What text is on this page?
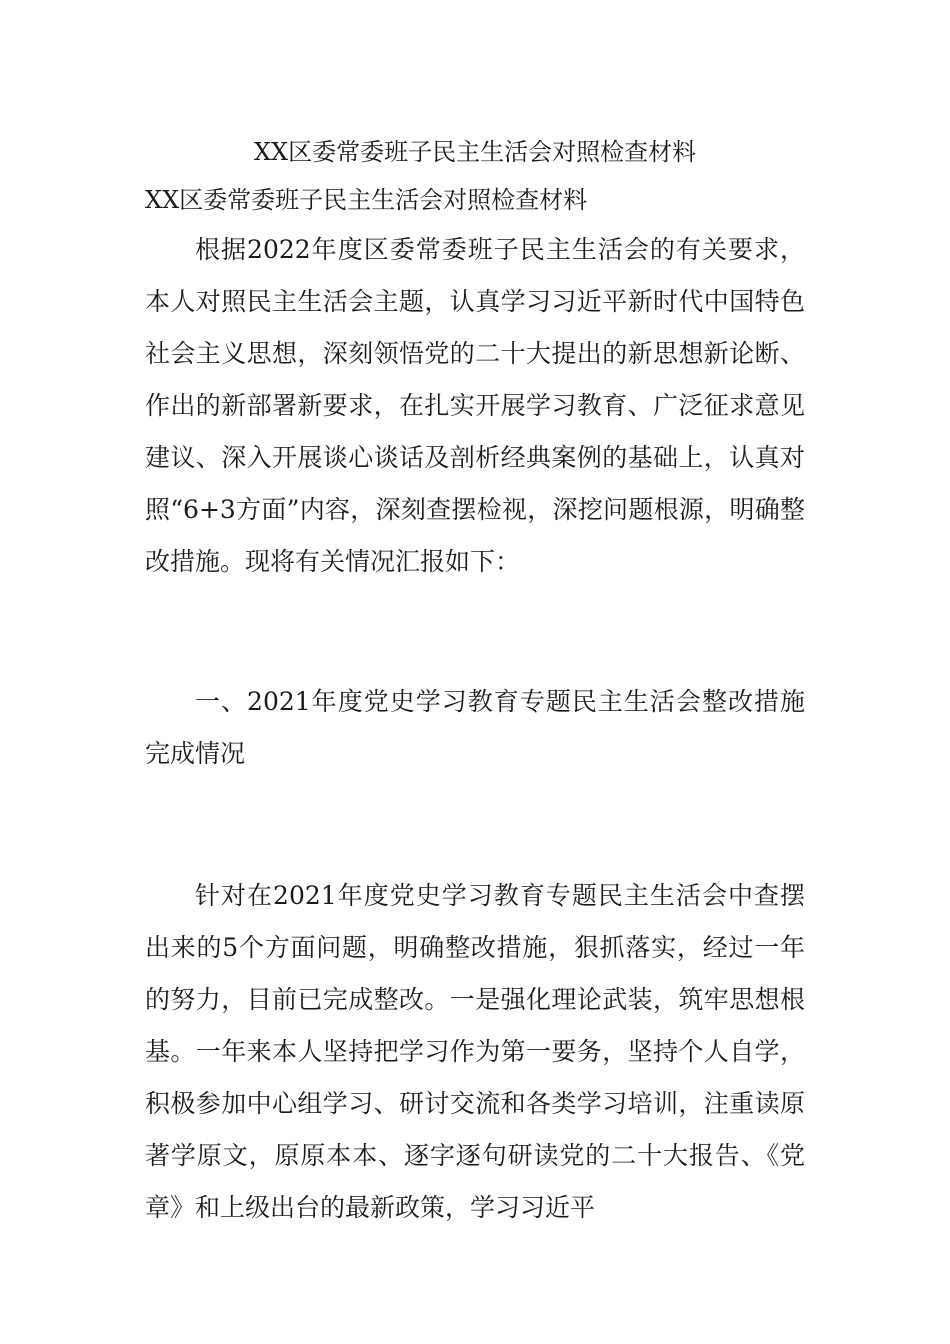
XX区委常委班子民主生活会对照检查材料
XX区委常委班子民主生活会对照检查材料

根据2022年度区委常委班子民主生活会的有关要求，本人对照民主生活会主题，认真学习习近平新时代中国特色社会主义思想，深刻领悟党的二十大提出的新思想新论断、作出的新部署新要求，在扎实开展学习教育、广泛征求意见建议、深入开展谈心谈话及剖析经典案例的基础上，认真对照“6+3方面”内容，深刻查摆检视，深挖问题根源，明确整改措施。现将有关情况汇报如下：

一、2021年度党史学习教育专题民主生活会整改措施完成情况

针对在2021年度党史学习教育专题民主生活会中查摆出来的5个方面问题，明确整改措施，狠抓落实，经过一年的努力，目前已完成整改。一是强化理论武装，筑牢思想根基。一年来本人坚持把学习作为第一要务，坚持个人自学，积极参加中心组学习、研讨交流和各类学习培训，注重读原著学原文，原原本本、逐字逐句研读党的二十大报告、《党章》和上级出台的最新政策，学习习近平
